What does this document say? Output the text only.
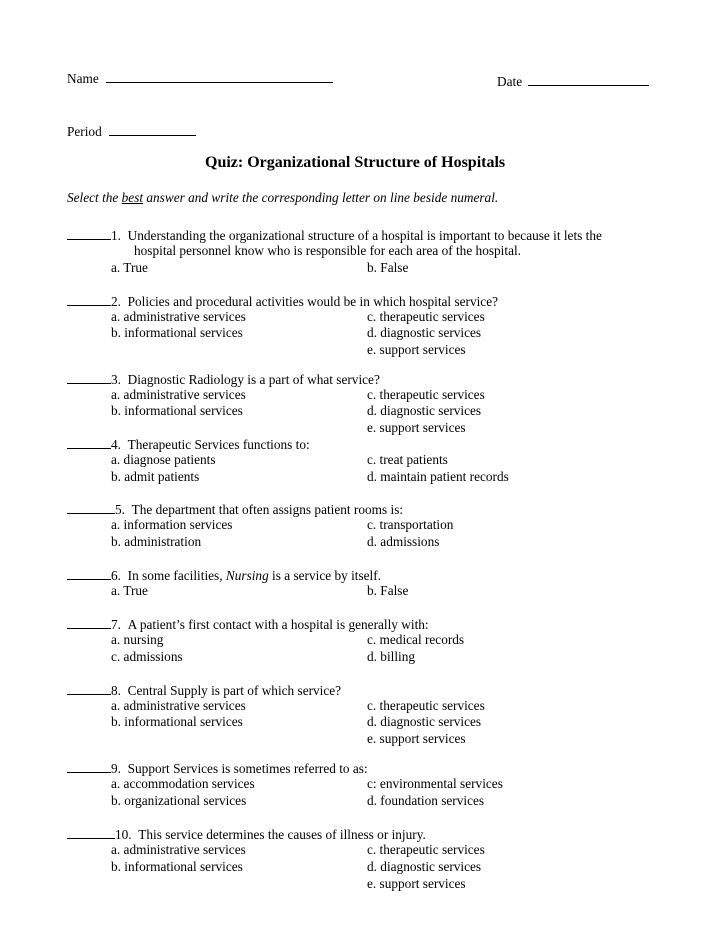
Name	Date
Period
Quiz: Organizational Structure of Hospitals
Select the best answer and write the corresponding letter on line beside numeral.
1. Understanding the organizational structure of a hospital is important to because it lets the
hospital personnel know who is responsible for each area of the hospital.
a. True	b. False
2. Policies and procedural activities would be in which hospital service?
a. administrative services	c. therapeutic services
b. informational services	d. diagnostic services
e. support services
3. Diagnostic Radiology is a part of what service?
a. administrative services	c. therapeutic services
b. informational services	d. diagnostic services
e. support services
4. Therapeutic Services functions to:
a. diagnose patients	c. treat patients
b. admit patients	d. maintain patient records
5. The department that often assigns patient rooms is:
a. information services	c. transportation
b. administration	d. admissions
6. In some facilities, Nursing is a service by itself.
a. True	b. False
7. A patient’s first contact with a hospital is generally with:
a. nursing	c. medical records
c. admissions	d. billing
8. Central Supply is part of which service?
a. administrative services	c. therapeutic services
b. informational services	d. diagnostic services
e. support services
9. Support Services is sometimes referred to as:
a. accommodation services	c: environmental services
b. organizational services	d. foundation services
10. This service determines the causes of illness or injury.
a. administrative services	c. therapeutic services
b. informational services	d. diagnostic services
e. support services
